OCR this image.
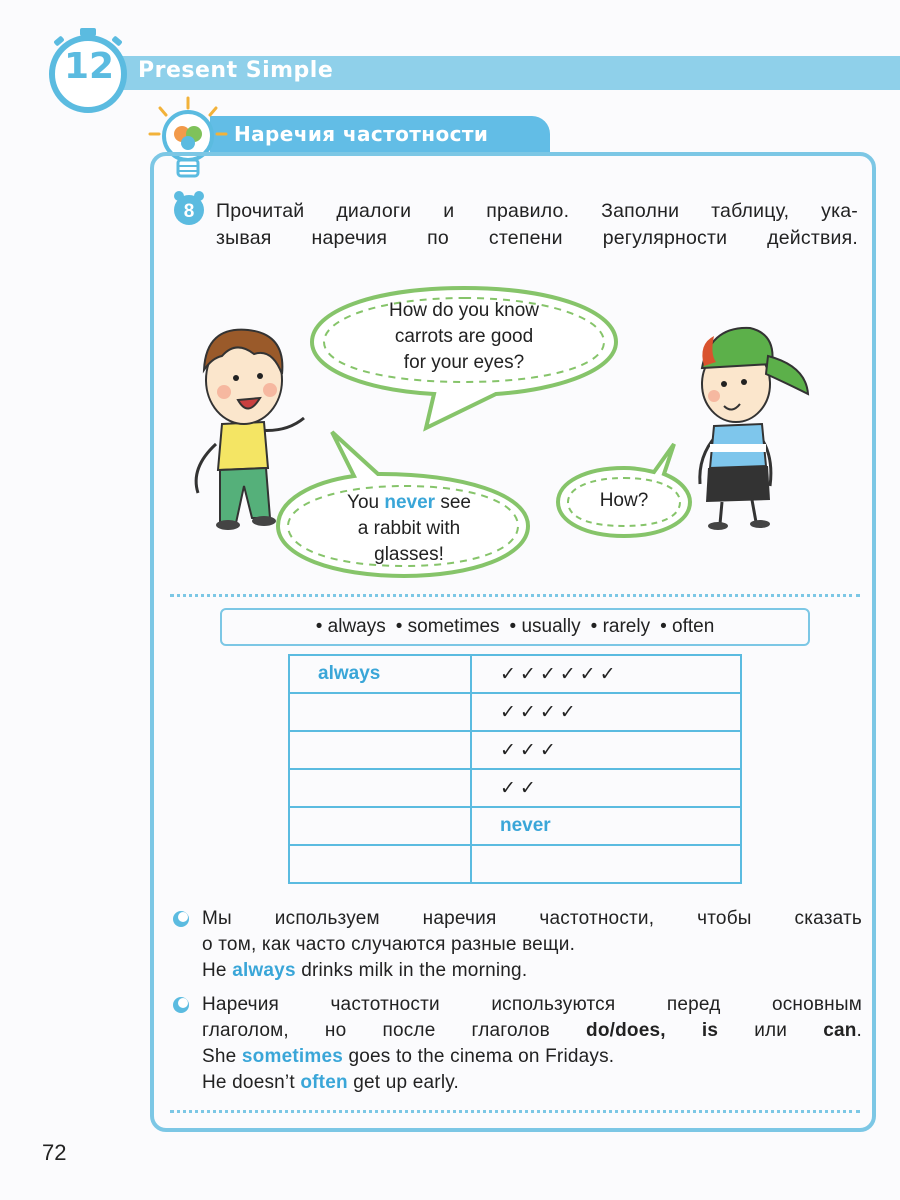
12 Present Simple
Наречия частотности
8 Прочитай диалоги и правило. Заполни таблицу, ука-
зывая наречия по степени регулярности действия.
How do you know
carrots are good
for your eyes?
You never see
a rabbit with
glasses!
How?
• always	• sometimes	• usually	• rarely	• often
always	✓✓✓✓✓✓
	✓✓✓✓
	✓✓✓
	✓✓
	never

Мы используем наречия частотности, чтобы сказать
о том, как часто случаются разные вещи.
He always drinks milk in the morning.
Наречия частотности используются перед основным
глаголом, но после глаголов do/does, is или can.
She sometimes goes to the cinema on Fridays.
He doesn’t often get up early.
72
